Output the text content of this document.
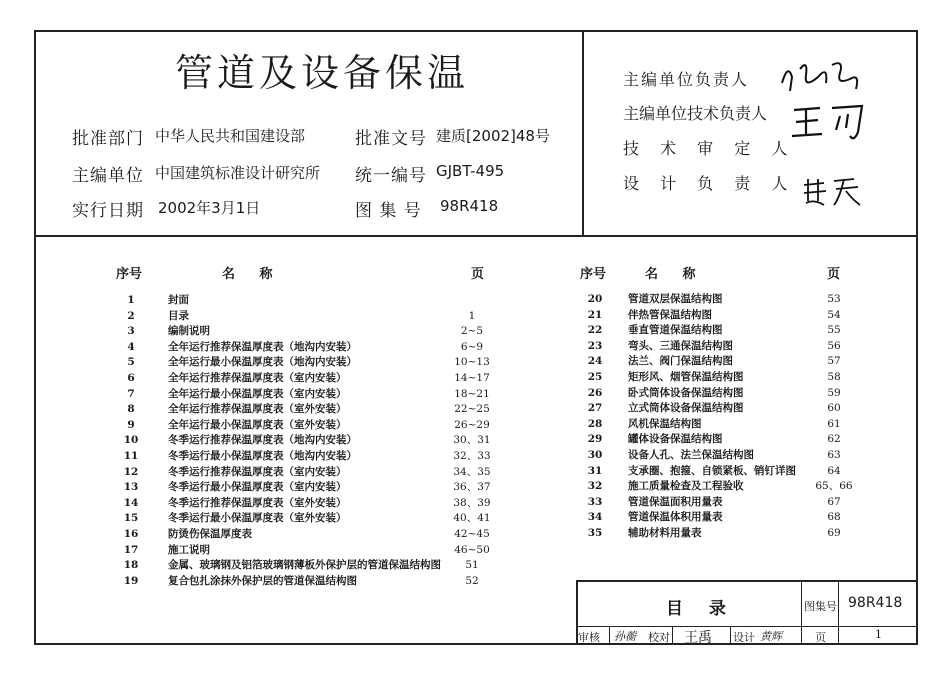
管道及设备保温
批准部门 中华人民共和国建设部
主编单位 中国建筑标准设计研究所
实行日期 2002年3月1日
批准文号 建质[2002]48号
统一编号 GJBT-495
图 集 号 98R418
主编单位负责人
主编单位技术负责人
技 术 审 定 人
设 计 负 责 人
序号	名 称	页	序号	名 称	页
1	封面
2	目录	1
3	编制说明	2~5
4	全年运行推荐保温厚度表（地沟内安装）	6~9
5	全年运行最小保温厚度表（地沟内安装）	10~13
6	全年运行推荐保温厚度表（室内安装）	14~17
7	全年运行最小保温厚度表（室内安装）	18~21
8	全年运行推荐保温厚度表（室外安装）	22~25
9	全年运行最小保温厚度表（室外安装）	26~29
10	冬季运行推荐保温厚度表（地沟内安装）	30、31
11	冬季运行最小保温厚度表（地沟内安装）	32、33
12	冬季运行推荐保温厚度表（室内安装）	34、35
13	冬季运行最小保温厚度表（室内安装）	36、37
14	冬季运行推荐保温厚度表（室外安装）	38、39
15	冬季运行最小保温厚度表（室外安装）	40、41
16	防烫伤保温厚度表	42~45
17	施工说明	46~50
18	金属、玻璃钢及铝箔玻璃钢薄板外保护层的管道保温结构图	51
19	复合包扎涂抹外保护层的管道保温结构图	52
20	管道双层保温结构图	53
21	伴热管保温结构图	54
22	垂直管道保温结构图	55
23	弯头、三通保温结构图	56
24	法兰、阀门保温结构图	57
25	矩形风、烟管保温结构图	58
26	卧式筒体设备保温结构图	59
27	立式筒体设备保温结构图	60
28	风机保温结构图	61
29	罐体设备保温结构图	62
30	设备人孔、法兰保温结构图	63
31	支承圈、抱箍、自锁紧板、销钉详图	64
32	施工质量检查及工程验收	65、66
33	管道保温面积用量表	67
34	管道保温体积用量表	68
35	辅助材料用量表	69
目 录	图集号 98R418
审核 孙蘅 校对 王禹 设计 黄辉	页	1
